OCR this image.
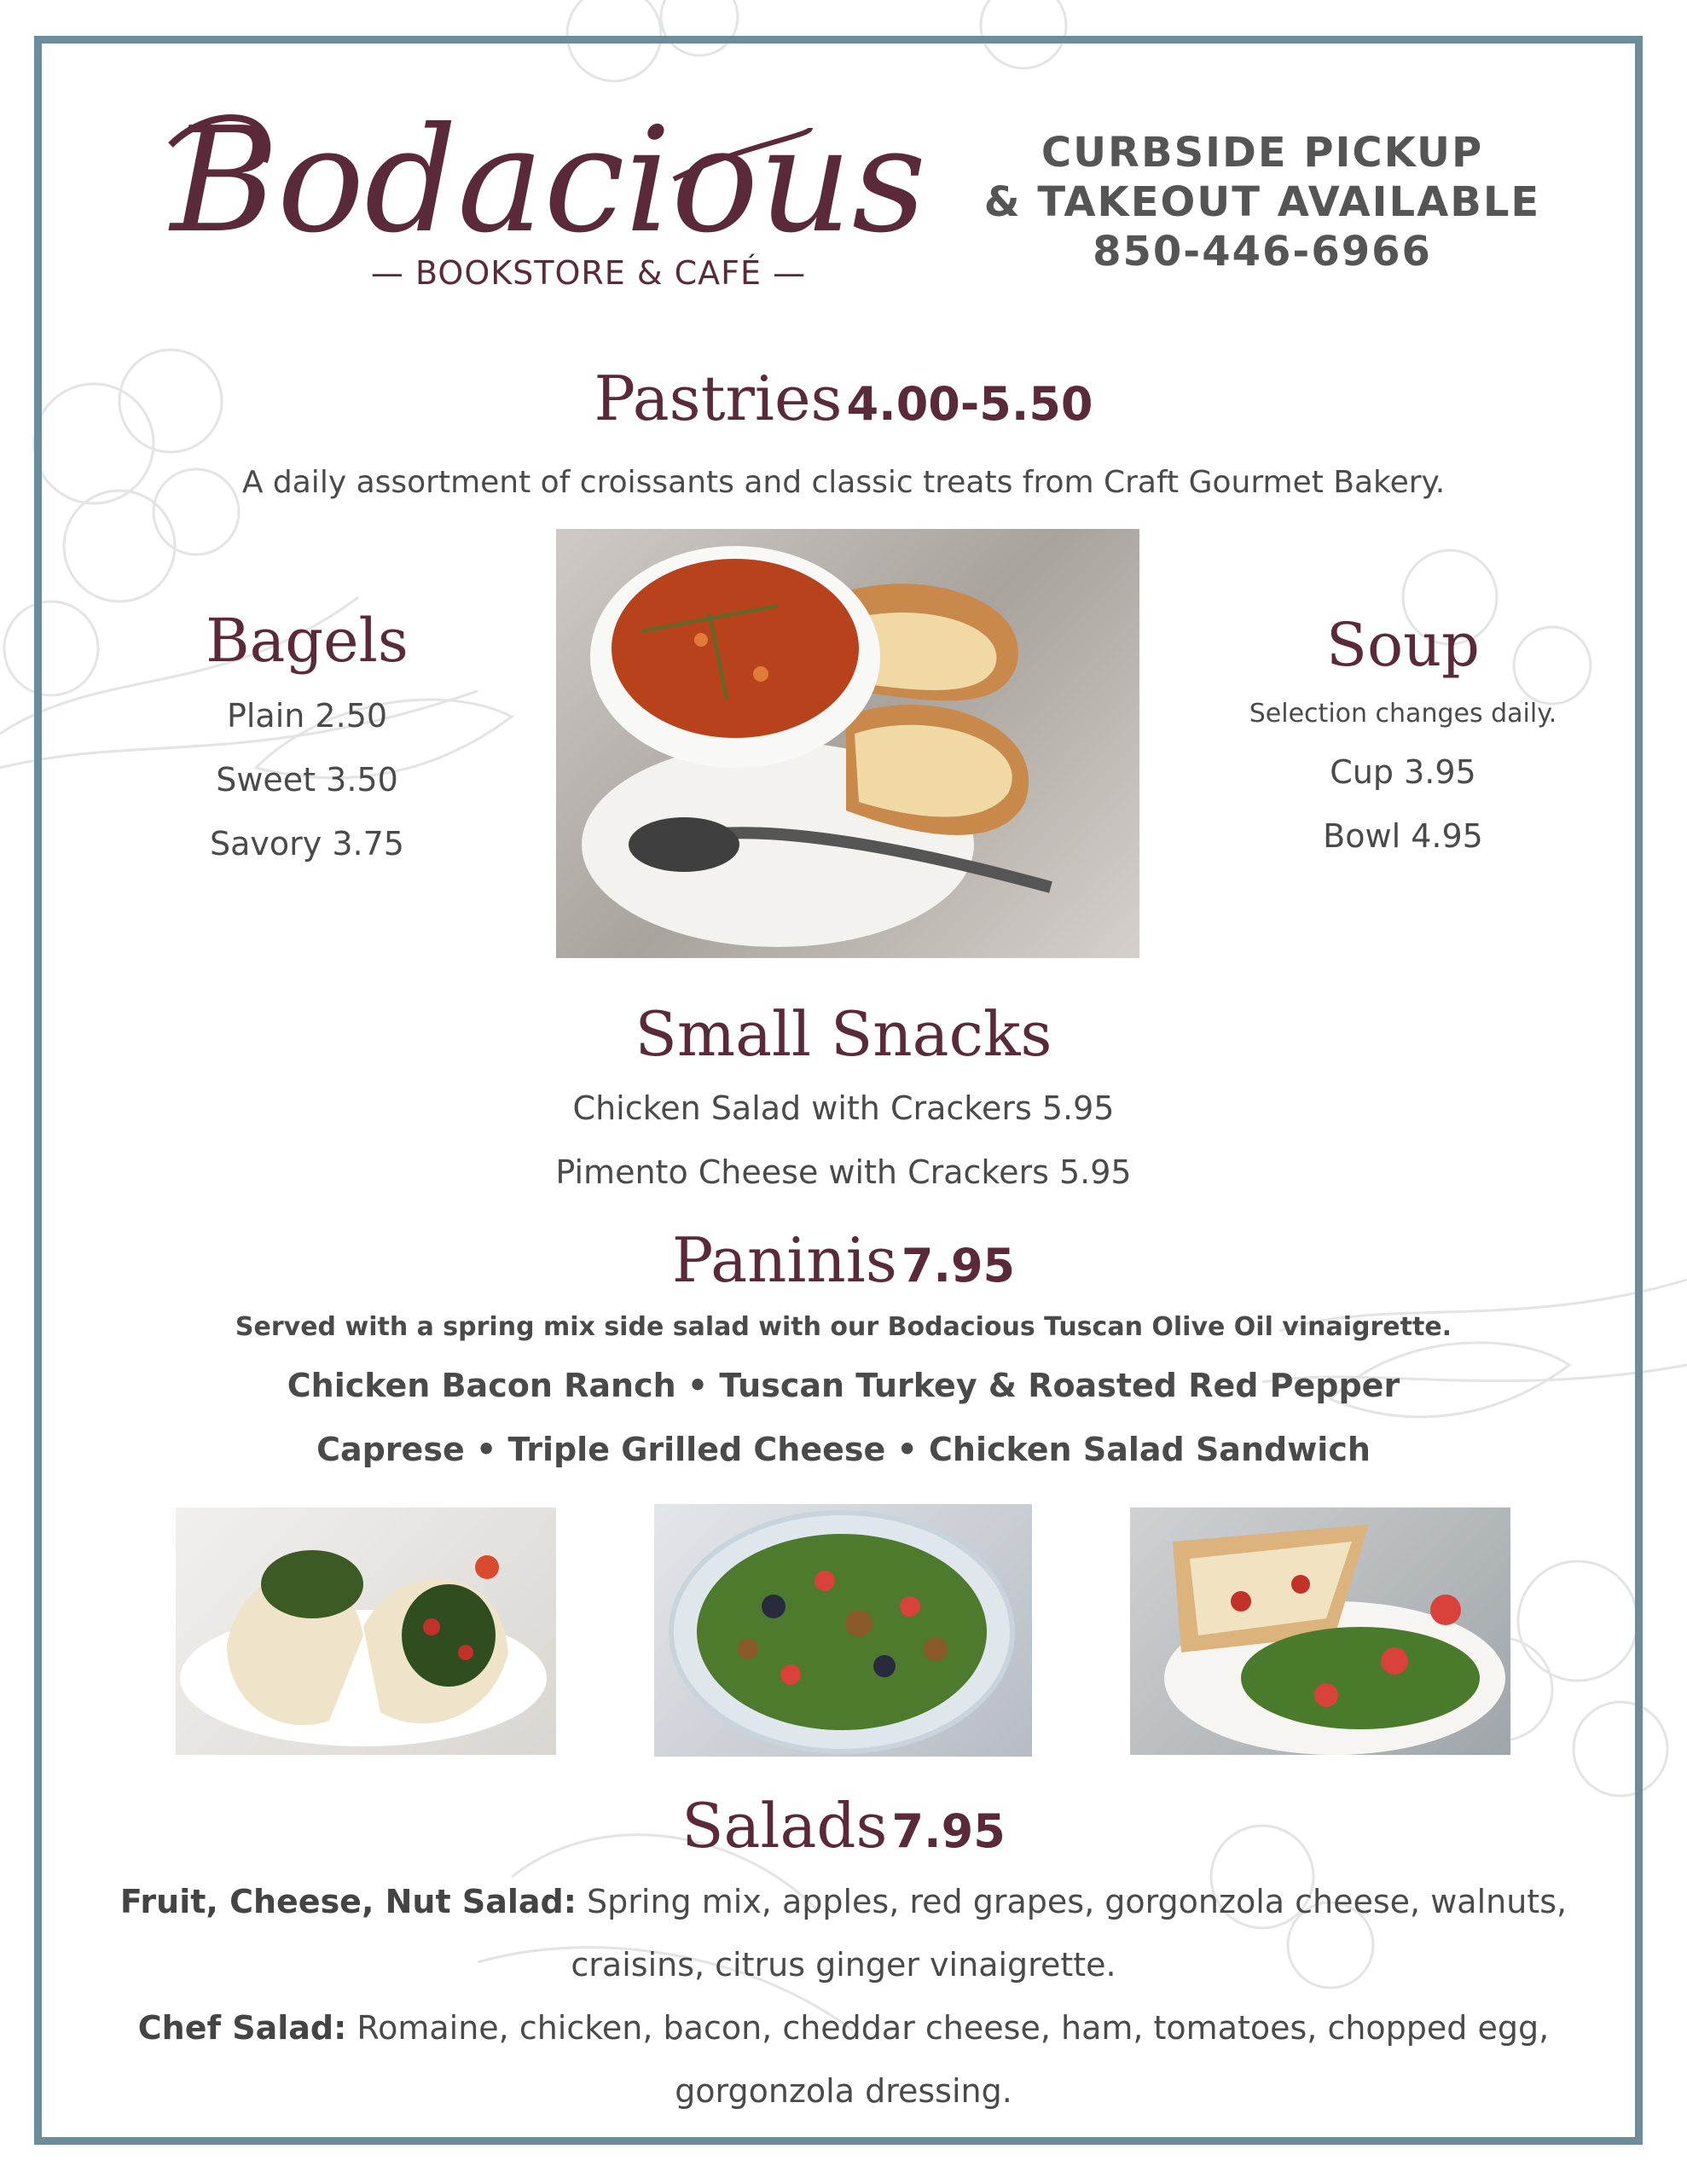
Bodacious
— BOOKSTORE & CAFÉ —
CURBSIDE PICKUP
& TAKEOUT AVAILABLE
850-446-6966
Pastries 4.00-5.50
A daily assortment of croissants and classic treats from Craft Gourmet Bakery.
Bagels
Plain 2.50
Sweet 3.50
Savory 3.75
Soup
Selection changes daily.
Cup 3.95
Bowl 4.95
Small Snacks
Chicken Salad with Crackers 5.95
Pimento Cheese with Crackers 5.95
Paninis 7.95
Served with a spring mix side salad with our Bodacious Tuscan Olive Oil vinaigrette.
Chicken Bacon Ranch • Tuscan Turkey & Roasted Red Pepper
Caprese • Triple Grilled Cheese • Chicken Salad Sandwich
Salads 7.95
Fruit, Cheese, Nut Salad: Spring mix, apples, red grapes, gorgonzola cheese, walnuts,
craisins, citrus ginger vinaigrette.
Chef Salad: Romaine, chicken, bacon, cheddar cheese, ham, tomatoes, chopped egg,
gorgonzola dressing.
